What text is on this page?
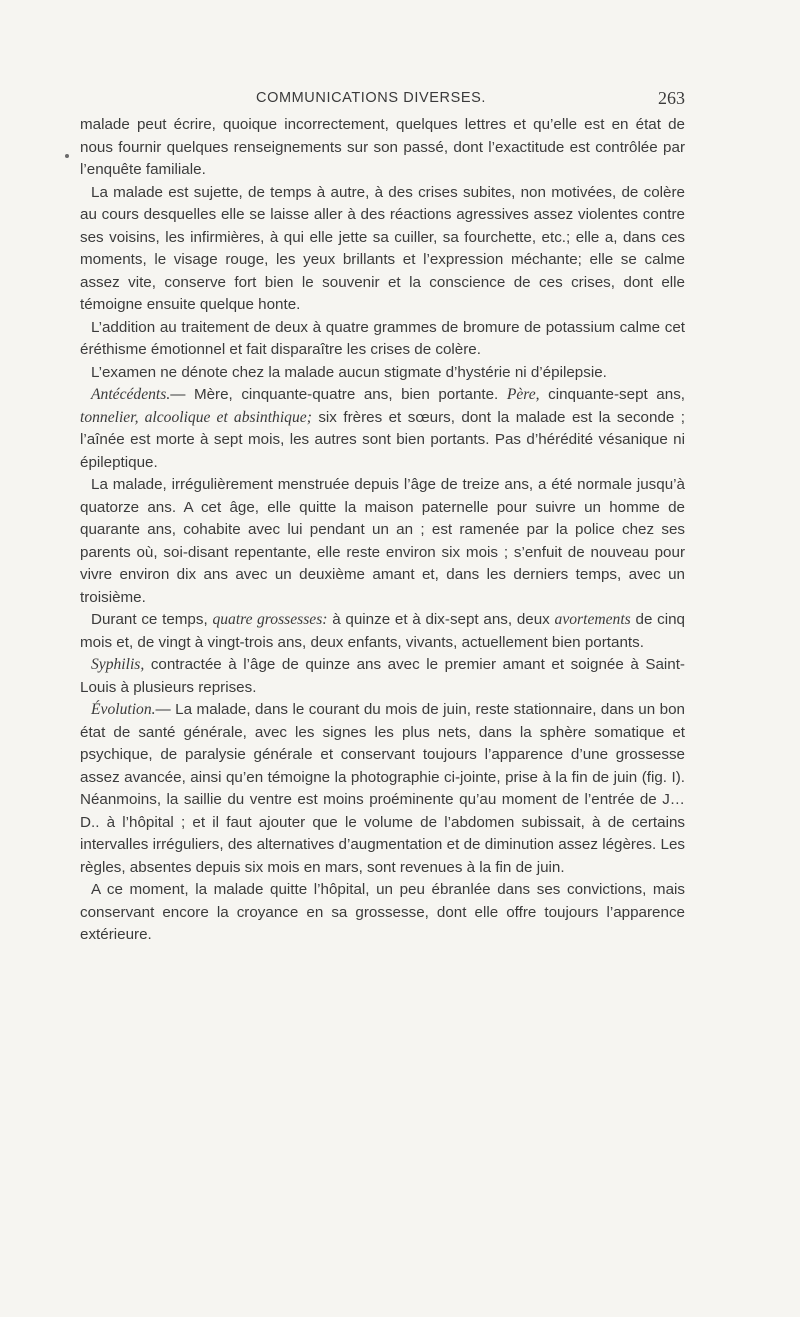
COMMUNICATIONS DIVERSES.	263

malade peut écrire, quoique incorrectement, quelques lettres et qu’elle est en état de nous fournir quelques renseignements sur son passé, dont l’exactitude est contrôlée par l’enquête familiale.

La malade est sujette, de temps à autre, à des crises subites, non motivées, de colère au cours desquelles elle se laisse aller à des réactions agressives assez violentes contre ses voisins, les infirmières, à qui elle jette sa cuiller, sa fourchette, etc.; elle a, dans ces moments, le visage rouge, les yeux brillants et l’expression méchante; elle se calme assez vite, conserve fort bien le souvenir et la conscience de ces crises, dont elle témoigne ensuite quelque honte.

L’addition au traitement de deux à quatre grammes de bromure de potassium calme cet éréthisme émotionnel et fait disparaître les crises de colère.

L’examen ne dénote chez la malade aucun stigmate d’hystérie ni d’épilepsie.

Antécédents.— Mère, cinquante-quatre ans, bien portante. Père, cinquante-sept ans, tonnelier, alcoolique et absinthique; six frères et sœurs, dont la malade est la seconde ; l’aînée est morte à sept mois, les autres sont bien portants. Pas d’hérédité vésanique ni épileptique.

La malade, irrégulièrement menstruée depuis l’âge de treize ans, a été normale jusqu’à quatorze ans. A cet âge, elle quitte la maison paternelle pour suivre un homme de quarante ans, cohabite avec lui pendant un an ; est ramenée par la police chez ses parents où, soi-disant repentante, elle reste environ six mois ; s’enfuit de nouveau pour vivre environ dix ans avec un deuxième amant et, dans les derniers temps, avec un troisième.

Durant ce temps, quatre grossesses: à quinze et à dix-sept ans, deux avortements de cinq mois et, de vingt à vingt-trois ans, deux enfants, vivants, actuellement bien portants.

Syphilis, contractée à l’âge de quinze ans avec le premier amant et soignée à Saint-Louis à plusieurs reprises.

Évolution.— La malade, dans le courant du mois de juin, reste stationnaire, dans un bon état de santé générale, avec les signes les plus nets, dans la sphère somatique et psychique, de paralysie générale et conservant toujours l’apparence d’une grossesse assez avancée, ainsi qu’en témoigne la photographie ci-jointe, prise à la fin de juin (fig. I). Néanmoins, la saillie du ventre est moins proéminente qu’au moment de l’entrée de J… D.. à l’hôpital ; et il faut ajouter que le volume de l’abdomen subissait, à de certains intervalles irréguliers, des alternatives d’augmentation et de diminution assez légères. Les règles, absentes depuis six mois en mars, sont revenues à la fin de juin.

A ce moment, la malade quitte l’hôpital, un peu ébranlée dans ses convictions, mais conservant encore la croyance en sa grossesse, dont elle offre toujours l’apparence extérieure.
